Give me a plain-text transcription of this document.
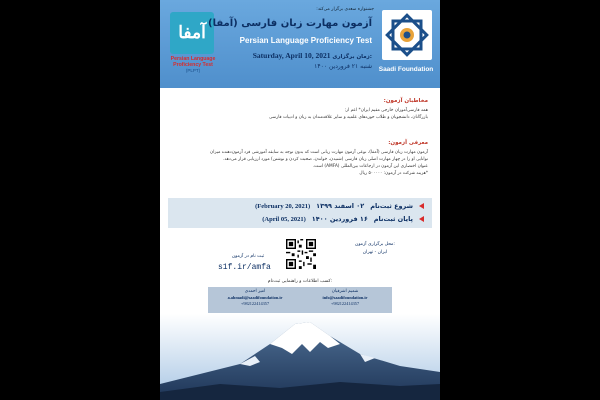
آمفا
Persian Language
Proficiency Test
(PLPT)	Saadi Foundation
جشنواره سعدی برگزار می‌کند:
آزمون مهارت زبان فارسی (آمفا)
Persian Language Proficiency Test
Saturday, April 10, 2021 زمان برگزاری:
شنبه ۲۱ فروردین ۱۴۰۰
مخاطبان آزمون:
همه فارسی‌آموزان خارجی مقیم ایران* اعم از:
بازرگانان، دانشجویان و طلاب حوزه‌های علمیه و سایر علاقه‌مندان به زبان و ادبیات فارسی
معرفی آزمون:
آزمون مهارت زبان فارسی (آمفا)، نوعی آزمون مهارت زبانی است که بدون توجه به سابقه آموزشی فرد آزمون‌دهنده میزان
توانایی او را در چهار مهارت اصلی زبان فارسی (شنیدن، خواندن، صحبت کردن و نوشتن) مورد ارزیابی قرار می‌دهد.
عنوان اختصاری این آزمون در ارجاعات بین‌المللی (AMFA) است.
*هزینه شرکت در آزمون: ۵۰۰۰۰۰ ریال
شروع ثبت‌نام
۰۲ اسفند ۱۳۹۹
(February 20, 2021)
پایان ثبت‌نام
۱۶ فروردین ۱۴۰۰
(April 05, 2021)
محل برگزاری آزمون:
ایران - تهران
ثبت نام در آزمون
s1f.ir/amfa
کسب اطلاعات و راهنمایی ثبت‌نام:
امیر احمدی
a.ahmadi@saadifoundation.ir
+982122414357
شمیم اشرفیان
info@saadifoundation.ir
+982122414357
